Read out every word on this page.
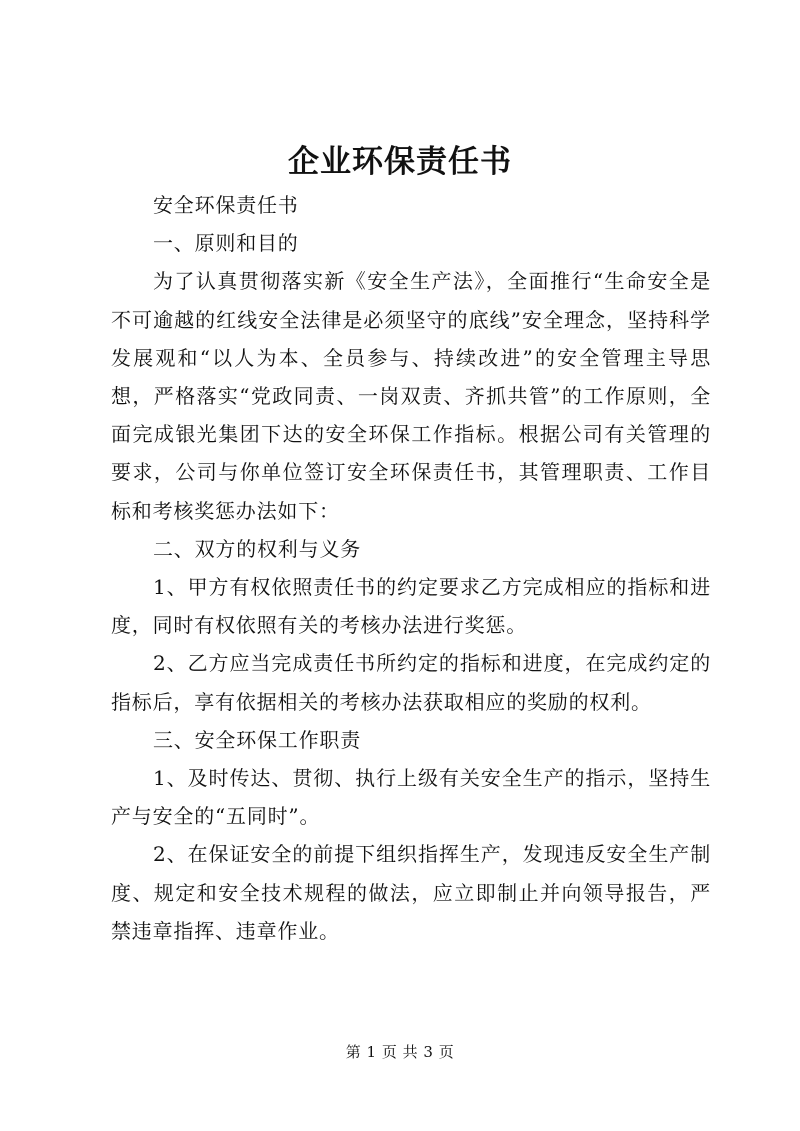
企业环保责任书

安全环保责任书

一、原则和目的

为了认真贯彻落实新《安全生产法》，全面推行“生命安全是不可逾越的红线安全法律是必须坚守的底线”安全理念，坚持科学发展观和“以人为本、全员参与、持续改进”的安全管理主导思想，严格落实“党政同责、一岗双责、齐抓共管”的工作原则，全面完成银光集团下达的安全环保工作指标。根据公司有关管理的要求，公司与你单位签订安全环保责任书，其管理职责、工作目标和考核奖惩办法如下：

二、双方的权利与义务

1、甲方有权依照责任书的约定要求乙方完成相应的指标和进度，同时有权依照有关的考核办法进行奖惩。

2、乙方应当完成责任书所约定的指标和进度，在完成约定的指标后，享有依据相关的考核办法获取相应的奖励的权利。

三、安全环保工作职责

1、及时传达、贯彻、执行上级有关安全生产的指示，坚持生产与安全的“五同时”。

2、在保证安全的前提下组织指挥生产，发现违反安全生产制度、规定和安全技术规程的做法，应立即制止并向领导报告，严禁违章指挥、违章作业。

第 1 页 共 3 页
